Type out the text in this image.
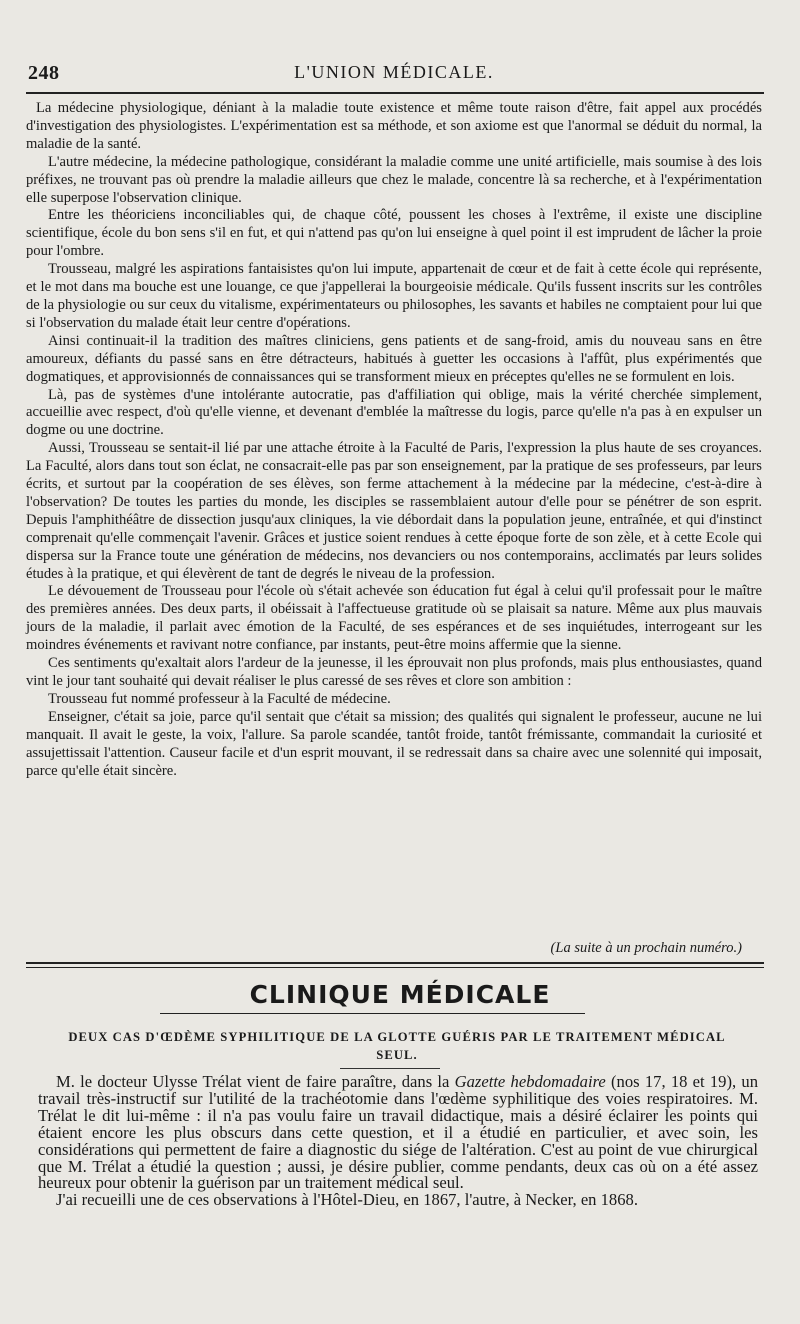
248	L'UNION MÉDICALE.

La médecine physiologique, déniant à la maladie toute existence et même toute raison d'être, fait appel aux procédés d'investigation des physiologistes. L'expérimentation est sa méthode, et son axiome est que l'anormal se déduit du normal, la maladie de la santé.

L'autre médecine, la médecine pathologique, considérant la maladie comme une unité artificielle, mais soumise à des lois préfixes, ne trouvant pas où prendre la maladie ailleurs que chez le malade, concentre là sa recherche, et à l'expérimentation elle superpose l'observation clinique.

Entre les théoriciens inconciliables qui, de chaque côté, poussent les choses à l'extrême, il existe une discipline scientifique, école du bon sens s'il en fut, et qui n'attend pas qu'on lui enseigne à quel point il est imprudent de lâcher la proie pour l'ombre.

Trousseau, malgré les aspirations fantaisistes qu'on lui impute, appartenait de cœur et de fait à cette école qui représente, et le mot dans ma bouche est une louange, ce que j'appellerai la bourgeoisie médicale. Qu'ils fussent inscrits sur les contrôles de la physiologie ou sur ceux du vitalisme, expérimentateurs ou philosophes, les savants et habiles ne comptaient pour lui que si l'observation du malade était leur centre d'opérations.

Ainsi continuait-il la tradition des maîtres cliniciens, gens patients et de sang-froid, amis du nouveau sans en être amoureux, défiants du passé sans en être détracteurs, habitués à guetter les occasions à l'affût, plus expérimentés que dogmatiques, et approvisionnés de connaissances qui se transforment mieux en préceptes qu'elles ne se formulent en lois.

Là, pas de systèmes d'une intolérante autocratie, pas d'affiliation qui oblige, mais la vérité cherchée simplement, accueillie avec respect, d'où qu'elle vienne, et devenant d'emblée la maîtresse du logis, parce qu'elle n'a pas à en expulser un dogme ou une doctrine.

Aussi, Trousseau se sentait-il lié par une attache étroite à la Faculté de Paris, l'expression la plus haute de ses croyances. La Faculté, alors dans tout son éclat, ne consacrait-elle pas par son enseignement, par la pratique de ses professeurs, par leurs écrits, et surtout par la coopération de ses élèves, son ferme attachement à la médecine par la médecine, c'est-à-dire à l'observation? De toutes les parties du monde, les disciples se rassemblaient autour d'elle pour se pénétrer de son esprit. Depuis l'amphithéâtre de dissection jusqu'aux cliniques, la vie débordait dans la population jeune, entraînée, et qui d'instinct comprenait qu'elle commençait l'avenir. Grâces et justice soient rendues à cette époque forte de son zèle, et à cette Ecole qui dispersa sur la France toute une génération de médecins, nos devanciers ou nos contemporains, acclimatés par leurs solides études à la pratique, et qui élevèrent de tant de degrés le niveau de la profession.

Le dévouement de Trousseau pour l'école où s'était achevée son éducation fut égal à celui qu'il professait pour le maître des premières années. Des deux parts, il obéissait à l'affectueuse gratitude où se plaisait sa nature. Même aux plus mauvais jours de la maladie, il parlait avec émotion de la Faculté, de ses espérances et de ses inquiétudes, interrogeant sur les moindres événements et ravivant notre confiance, par instants, peut-être moins affermie que la sienne.

Ces sentiments qu'exaltait alors l'ardeur de la jeunesse, il les éprouvait non plus profonds, mais plus enthousiastes, quand vint le jour tant souhaité qui devait réaliser le plus caressé de ses rêves et clore son ambition :

Trousseau fut nommé professeur à la Faculté de médecine.

Enseigner, c'était sa joie, parce qu'il sentait que c'était sa mission; des qualités qui signalent le professeur, aucune ne lui manquait. Il avait le geste, la voix, l'allure. Sa parole scandée, tantôt froide, tantôt frémissante, commandait la curiosité et assujettissait l'attention. Causeur facile et d'un esprit mouvant, il se redressait dans sa chaire avec une solennité qui imposait, parce qu'elle était sincère.

(La suite à un prochain numéro.)
CLINIQUE MÉDICALE
DEUX CAS D'ŒDÈME SYPHILITIQUE DE LA GLOTTE GUÉRIS PAR LE TRAITEMENT MÉDICAL SEUL.

M. le docteur Ulysse Trélat vient de faire paraître, dans la Gazette hebdomadaire (nos 17, 18 et 19), un travail très-instructif sur l'utilité de la trachéotomie dans l'œdème syphilitique des voies respiratoires. M. Trélat le dit lui-même : il n'a pas voulu faire un travail didactique, mais a désiré éclairer les points qui étaient encore les plus obscurs dans cette question, et il a étudié en particulier, et avec soin, les considérations qui permettent de faire a diagnostic du siége de l'altération. C'est au point de vue chirurgical que M. Trélat a étudié la question ; aussi, je désire publier, comme pendants, deux cas où on a été assez heureux pour obtenir la guérison par un traitement médical seul.

J'ai recueilli une de ces observations à l'Hôtel-Dieu, en 1867, l'autre, à Necker, en 1868.
